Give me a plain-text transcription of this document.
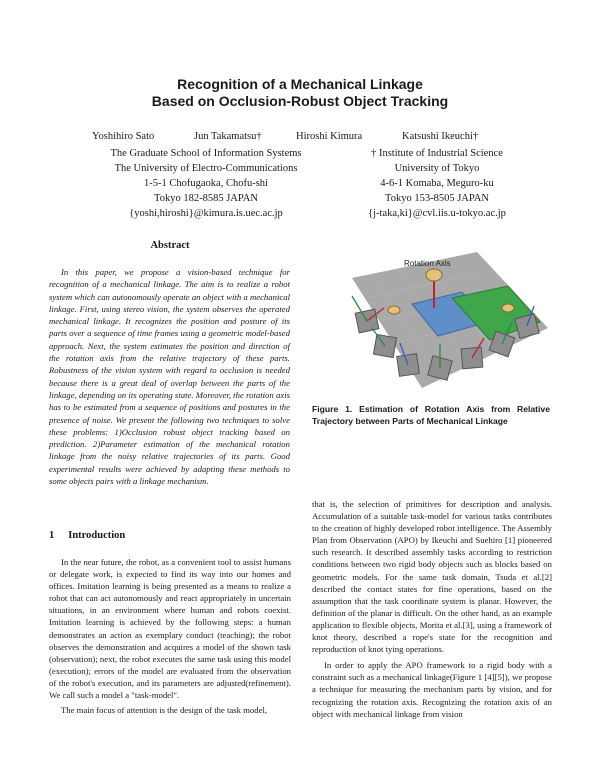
Recognition of a Mechanical Linkage
Based on Occlusion-Robust Object Tracking
Yoshihiro Sato	Jun Takamatsu†	Hiroshi Kimura	Katsushi Ikeuchi†
The Graduate School of Information Systems
The University of Electro-Communications
1-5-1 Chofugaoka, Chofu-shi
Tokyo 182-8585 JAPAN
{yoshi,hiroshi}@kimura.is.uec.ac.jp
† Institute of Industrial Science
University of Tokyo
4-6-1 Komaba, Meguro-ku
Tokyo 153-8505 JAPAN
{j-taka,ki}@cvl.iis.u-tokyo.ac.jp
Abstract

In this paper, we propose a vision-based technique for recognition of a mechanical linkage. The aim is to realize a robot system which can autonomously operate an object with a mechanical linkage. First, using stereo vision, the system observes the operated mechanical linkage. It recognizes the position and posture of its parts over a sequence of time frames using a geometric model-based approach. Next, the system estimates the position and direction of the rotation axis from the relative trajectory of these parts. Robustness of the vision system with regard to occlusion is needed because there is a great deal of overlap between the parts of the linkage, depending on its operating state. Moreover, the rotation axis has to be estimated from a sequence of positions and postures in the presence of noise. We present the following two techniques to solve these problems: 1)Occlusion robust object tracking based on prediction. 2)Parameter estimation of the mechanical rotation linkage from the noisy relative trajectories of its parts. Good experimental results were achieved by adapting these methods to some objects pairs with a linkage mechanism.

1 Introduction

In the near future, the robot, as a convenient tool to assist humans or delegate work, is expected to find its way into our homes and offices. Imitation learning is being presented as a means to realize a robot that can act autonomously and react appropriately in uncertain situations, in an environment where human and robots coexist. Imitation learning is achieved by the following steps: a human demonstrates an action as exemplary conduct (teaching); the robot observes the demonstration and acquires a model of the shown task (observation); next, the robot executes the same task using this model (execution); errors of the model are evaluated from the observation of the robot's execution, and its parameters are adjusted(refinement). We call such a model a "task-model".

The main focus of attention is the design of the task model,

that is, the selection of primitives for description and analysis. Accumulation of a suitable task-model for various tasks contributes to the creation of highly developed robot intelligence. The Assembly Plan from Observation (APO) by Ikeuchi and Suehiro [1] pioneered such research. It described assembly tasks according to restriction conditions between two rigid body objects such as blocks based on geometric models. For the same task domain, Tsuda et al.[2] described the contact states for fine operations, based on the assumption that the task coordinate system is planar. However, the definition of the planar is difficult. On the other hand, as an example application to flexible objects, Morita et al.[3], using a framework of knot theory, described a rope's state for the recognition and reproduction of knot tying operations.

In order to apply the APO framework to a rigid body with a constraint such as a mechanical linkage(Figure 1 [4][5]), we propose a technique for measuring the mechanism parts by vision, and for recognizing the rotation axis. Recognizing the rotation axis of an object with mechanical linkage from vision

Rotation Axis
Figure 1. Estimation of Rotation Axis from Relative Trajectory between Parts of Mechanical Linkage
